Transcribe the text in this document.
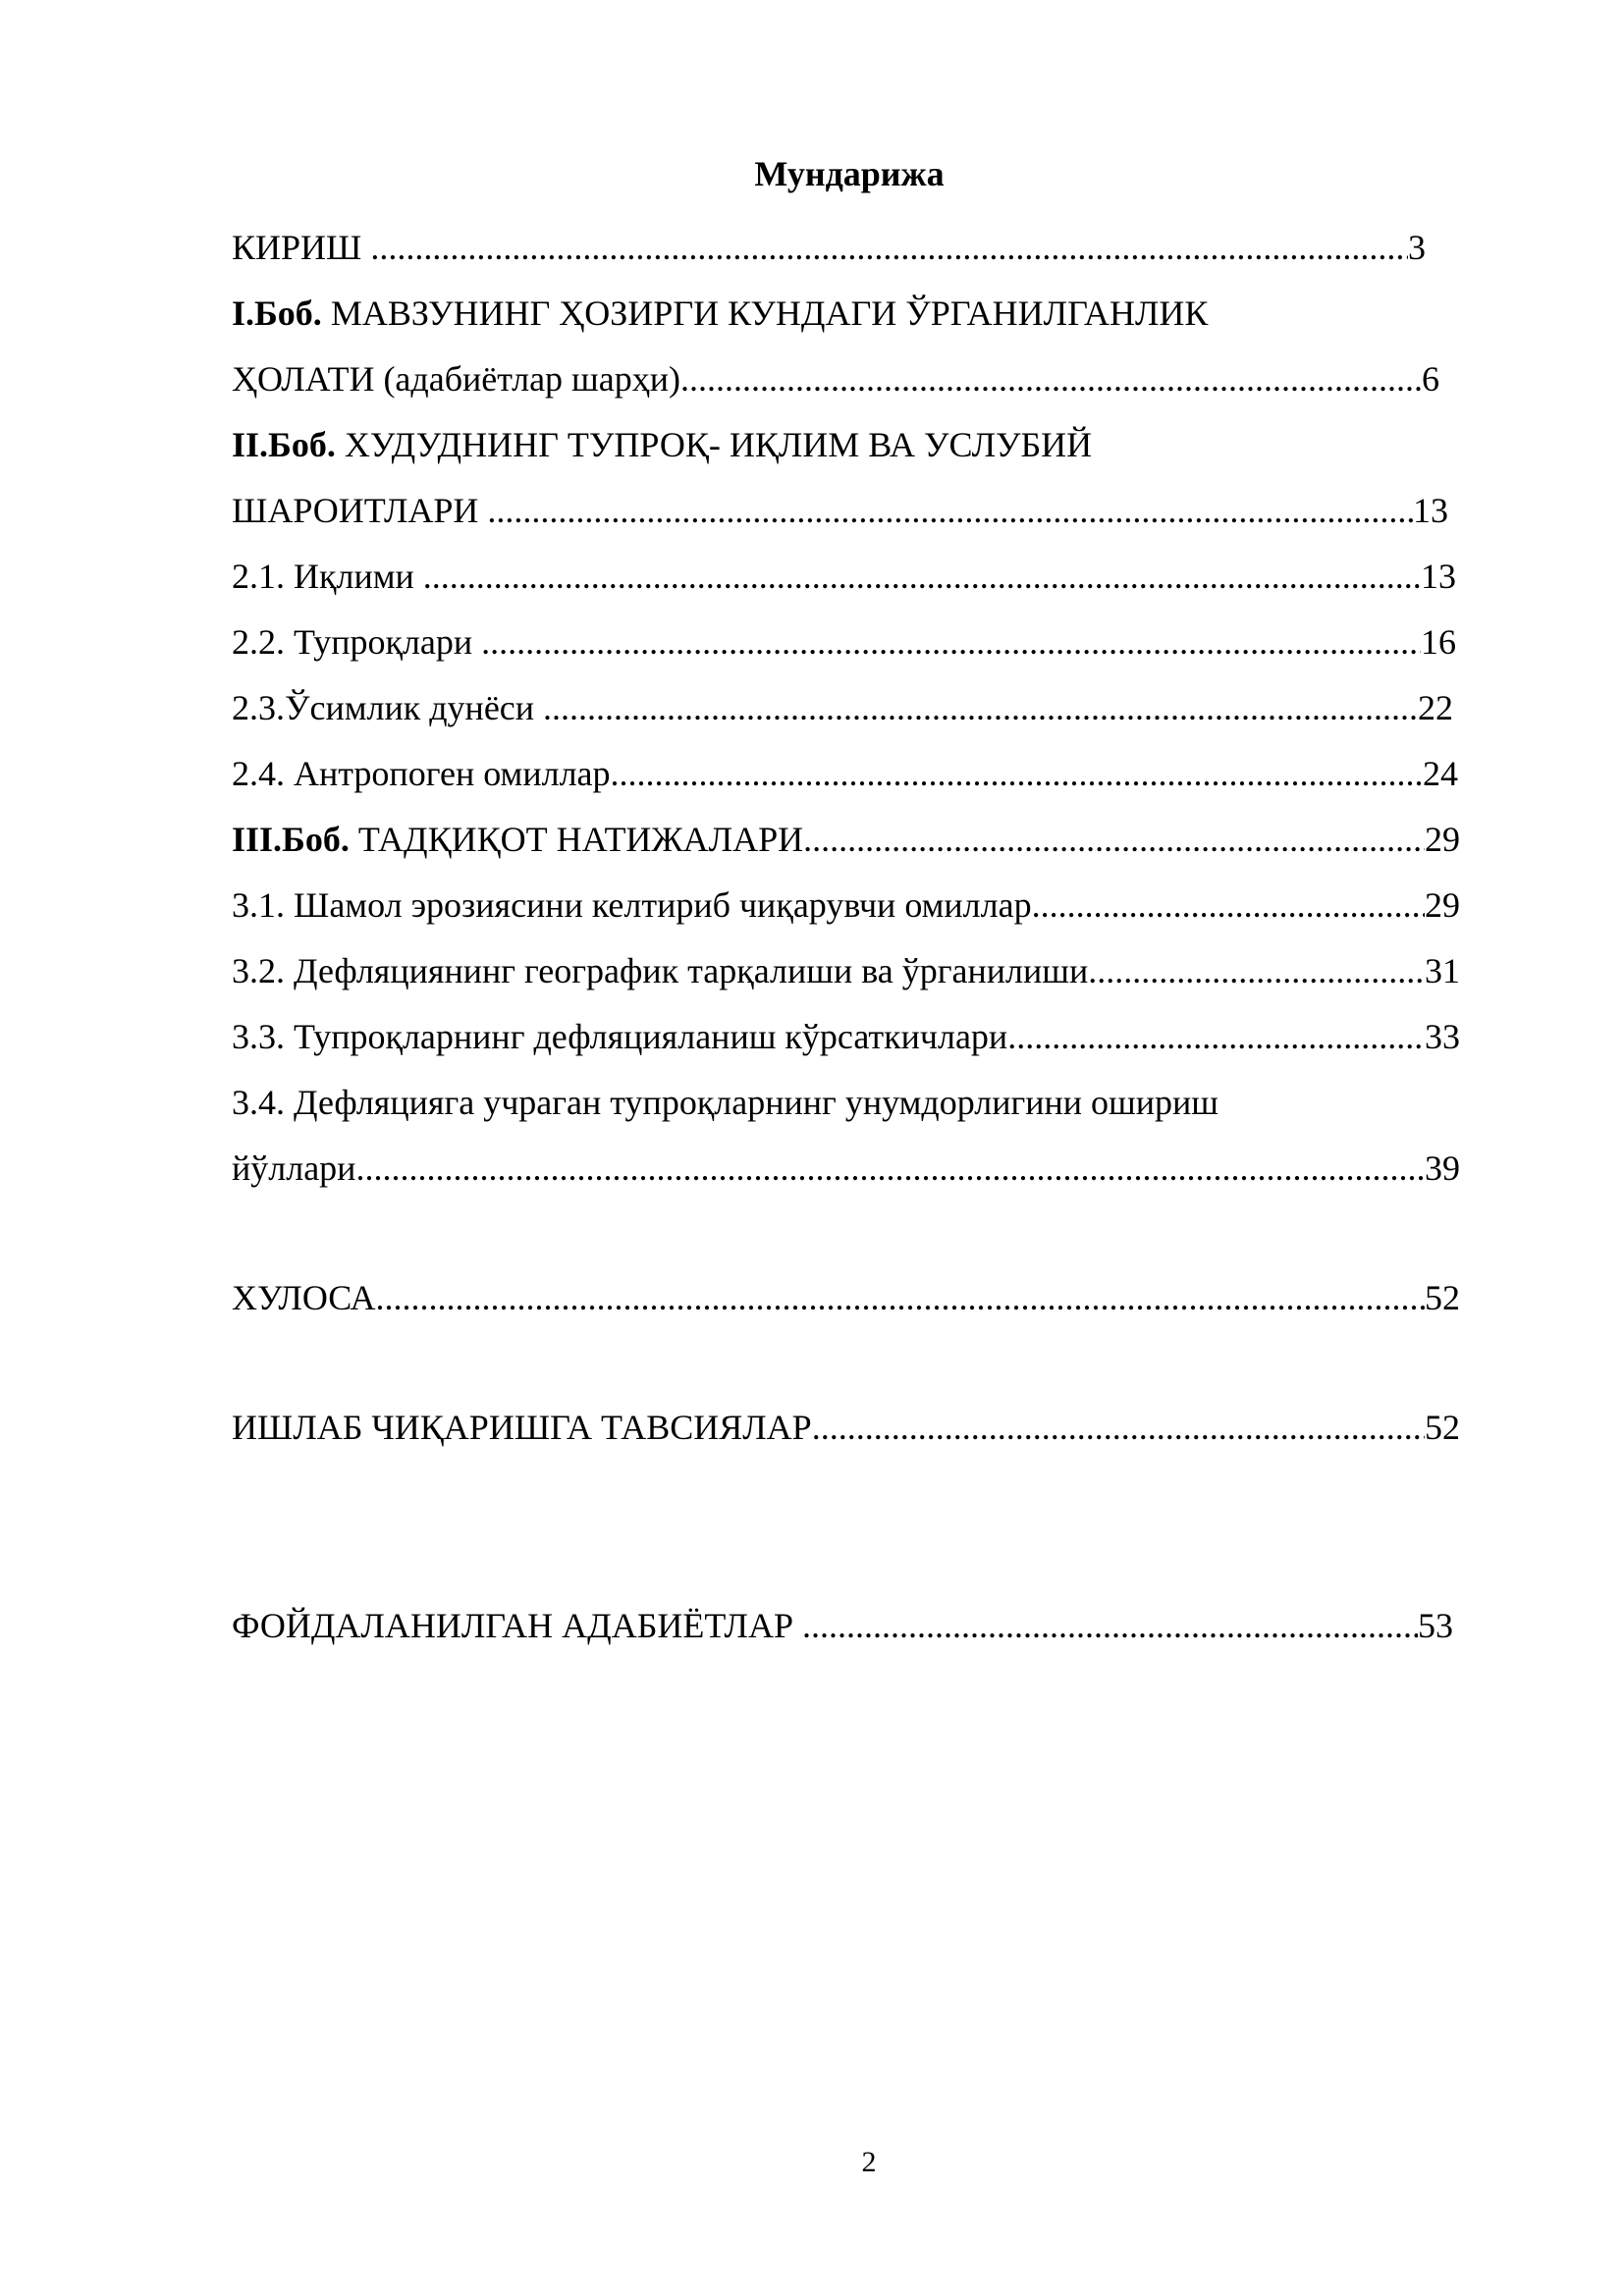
Мундарижа
КИРИШ .....	3
I.Боб. МАВЗУНИНГ ҲОЗИРГИ КУНДАГИ ЎРГАНИЛГАНЛИК
ҲОЛАТИ (адабиётлар шарҳи) .....	6
II.Боб. ХУДУДНИНГ ТУПРОҚ- ИҚЛИМ ВА УСЛУБИЙ
ШАРОИТЛАРИ .....	13
2.1. Иқлими .....	13
2.2. Тупроқлари .....	16
2.3.Ўсимлик дунёси .....	22
2.4. Антропоген омиллар .....	24
III.Боб. ТАДҚИҚОТ НАТИЖАЛАРИ .....	29
3.1. Шамол эрозиясини келтириб чиқарувчи омиллар .....	29
3.2. Дефляциянинг географик тарқалиши ва ўрганилиши .....	31
3.3. Тупроқларнинг дефляцияланиш кўрсаткичлари .....	33
3.4. Дефляцияга учраган тупроқларнинг унумдорлигини ошириш
йўллари .....	39
ХУЛОСА .....	52
ИШЛАБ ЧИҚАРИШГА ТАВСИЯЛАР .....	52
ФОЙДАЛАНИЛГАН АДАБИЁТЛАР .....	53
2
